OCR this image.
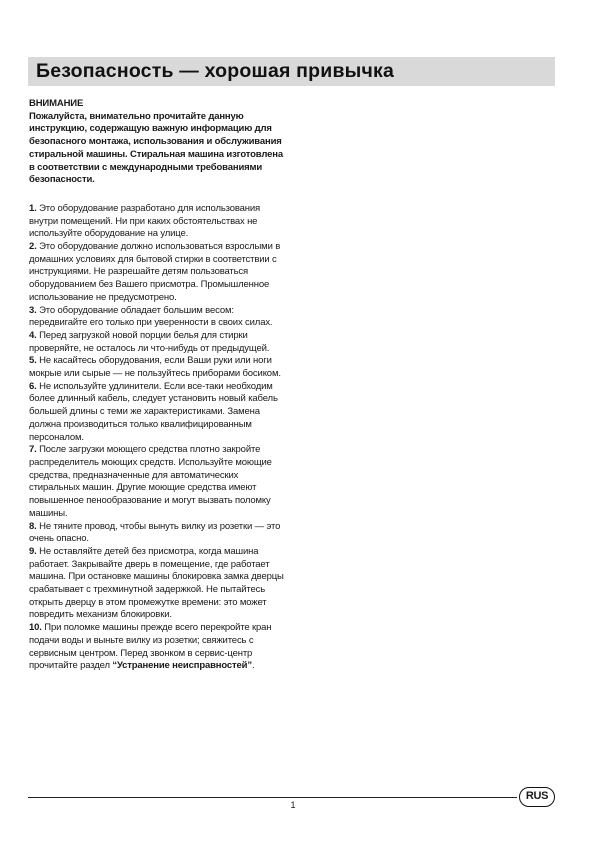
Безопасность — хорошая привычка
ВНИМАНИЕ
Пожалуйста, внимательно прочитайте данную инструкцию, содержащую важную информацию для безопасного монтажа, использования и обслуживания стиральной машины. Стиральная машина изготовлена в соответствии с международными требованиями безопасности.
1. Это оборудование разработано для использования внутри помещений. Ни при каких обстоятельствах не используйте оборудование на улице.
2. Это оборудование должно использоваться взрослыми в домашних условиях для бытовой стирки в соответствии с инструкциями. Не разрешайте детям пользоваться оборудованием без Вашего присмотра. Промышленное использование не предусмотрено.
3. Это оборудование обладает большим весом: передвигайте его только при уверенности в своих силах.
4. Перед загрузкой новой порции белья для стирки проверяйте, не осталось ли что-нибудь от предыдущей.
5. Не касайтесь оборудования, если Ваши руки или ноги мокрые или сырые — не пользуйтесь приборами босиком.
6. Не используйте удлинители. Если все-таки необходим более длинный кабель, следует установить новый кабель большей длины с теми же характеристиками. Замена должна производиться только квалифицированным персоналом.
7. После загрузки моющего средства плотно закройте распределитель моющих средств. Используйте моющие средства, предназначенные для автоматических стиральных машин. Другие моющие средства имеют повышенное пенообразование и могут вызвать поломку машины.
8. Не тяните провод, чтобы вынуть вилку из розетки — это очень опасно.
9. Не оставляйте детей без присмотра, когда машина работает. Закрывайте дверь в помещение, где работает машина. При остановке машины блокировка замка дверцы срабатывает с трехминутной задержкой. Не пытайтесь открыть дверцу в этом промежутке времени: это может повредить механизм блокировки.
10. При поломке машины прежде всего перекройте кран подачи воды и выньте вилку из розетки; свяжитесь с сервисным центром. Перед звонком в сервис-центр прочитайте раздел “Устранение неисправностей”.
1
RUS
